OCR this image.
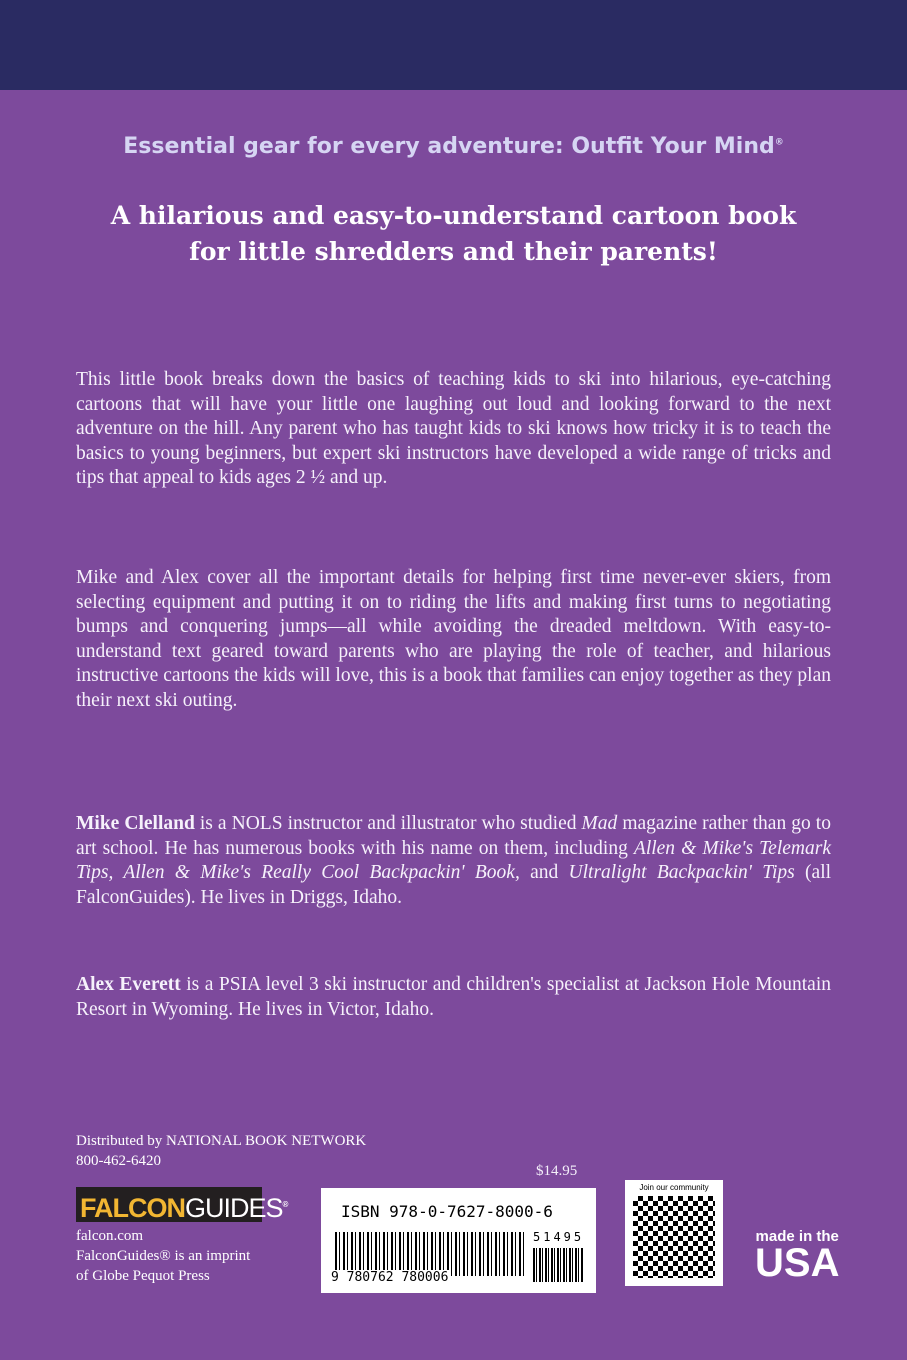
Essential gear for every adventure: Outfit Your Mind®
A hilarious and easy-to-understand cartoon book
for little shredders and their parents!

This little book breaks down the basics of teaching kids to ski into hilarious, eye-catching cartoons that will have your little one laughing out loud and looking forward to the next adventure on the hill. Any parent who has taught kids to ski knows how tricky it is to teach the basics to young beginners, but expert ski instructors have developed a wide range of tricks and tips that appeal to kids ages 2 ½ and up.

Mike and Alex cover all the important details for helping first time never-ever skiers, from selecting equipment and putting it on to riding the lifts and making first turns to negotiating bumps and conquering jumps—all while avoiding the dreaded meltdown. With easy-to-understand text geared toward parents who are playing the role of teacher, and hilarious instructive cartoons the kids will love, this is a book that families can enjoy together as they plan their next ski outing.

Mike Clelland is a NOLS instructor and illustrator who studied Mad magazine rather than go to art school. He has numerous books with his name on them, including Allen & Mike's Telemark Tips, Allen & Mike's Really Cool Backpackin' Book, and Ultralight Backpackin' Tips (all FalconGuides). He lives in Driggs, Idaho.

Alex Everett is a PSIA level 3 ski instructor and children's specialist at Jackson Hole Mountain Resort in Wyoming. He lives in Victor, Idaho.

Distributed by NATIONAL BOOK NETWORK
800-462-6420
FALCONGUIDES®
falcon.com
FalconGuides® is an imprint
of Globe Pequot Press
$14.95
ISBN 978-0-7627-8000-6
51495
9 780762 780006
Join our community
made in the
USA
